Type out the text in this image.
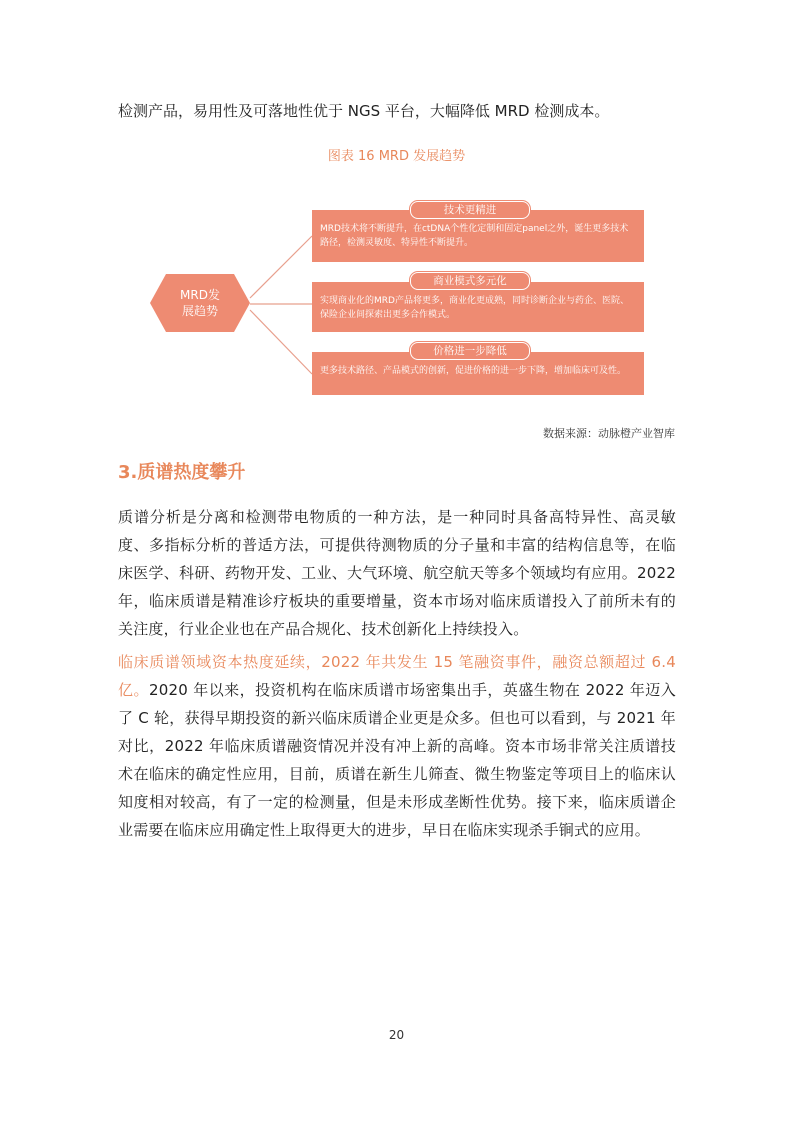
检测产品，易用性及可落地性优于 NGS 平台，大幅降低 MRD 检测成本。
图表 16 MRD 发展趋势
MRD发展趋势
MRD技术将不断提升，在ctDNA个性化定制和固定panel之外，诞生更多技术路径，检测灵敏度、特异性不断提升。
技术更精进
实现商业化的MRD产品将更多，商业化更成熟，同时诊断企业与药企、医院、保险企业间探索出更多合作模式。
商业模式多元化
更多技术路径、产品模式的创新，促进价格的进一步下降，增加临床可及性。
价格进一步降低
数据来源：动脉橙产业智库
3.质谱热度攀升

质谱分析是分离和检测带电物质的一种方法，是一种同时具备高特异性、高灵敏度、多指标分析的普适方法，可提供待测物质的分子量和丰富的结构信息等，在临床医学、科研、药物开发、工业、大气环境、航空航天等多个领域均有应用。2022 年，临床质谱是精准诊疗板块的重要增量，资本市场对临床质谱投入了前所未有的关注度，行业企业也在产品合规化、技术创新化上持续投入。

临床质谱领域资本热度延续，2022 年共发生 15 笔融资事件，融资总额超过 6.4 亿。2020 年以来，投资机构在临床质谱市场密集出手，英盛生物在 2022 年迈入了 C 轮，获得早期投资的新兴临床质谱企业更是众多。但也可以看到，与 2021 年对比，2022 年临床质谱融资情况并没有冲上新的高峰。资本市场非常关注质谱技术在临床的确定性应用，目前，质谱在新生儿筛查、微生物鉴定等项目上的临床认知度相对较高，有了一定的检测量，但是未形成垄断性优势。接下来，临床质谱企业需要在临床应用确定性上取得更大的进步，早日在临床实现杀手锏式的应用。

20
